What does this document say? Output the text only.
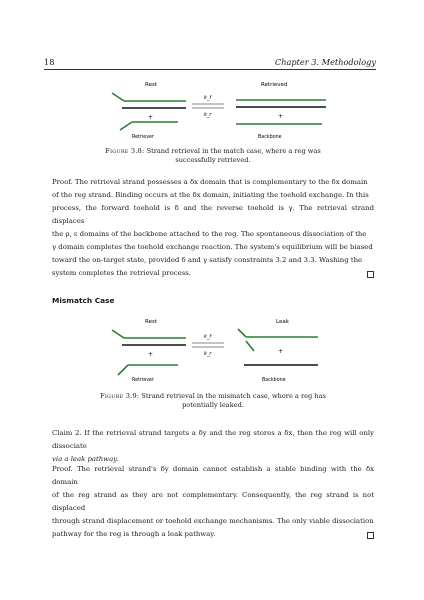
18	Chapter 3. Methodology
Rest	Retrieved
+
Retriever
k_f
k_r	+
Backbone
Figure 3.8: Strand retrieval in the match case, where a reg was successfully retrieved.
Proof. The retrieval strand possesses a δx domain that is complementary to the δx domain
of the reg strand. Binding occurs at the δx domain, initiating the toehold exchange. In this
process, the forward toehold is δ and the reverse toehold is γ. The retrieval strand displaces
the ρ, ε domains of the backbone attached to the reg. The spontaneous dissociation of the
γ domain completes the toehold exchange reaction. The system's equilibrium will be biased
toward the on-target state, provided δ and γ satisfy constraints 3.2 and 3.3. Washing the
system completes the retrieval process.
Mismatch Case
Rest	Leak
+
Retriever
k_f
k_r	+
Backbone
Figure 3.9: Strand retrieval in the mismatch case, where a reg has potentially leaked.
Claim 2. If the retrieval strand targets a δy and the reg stores a δx, then the reg will only dissociate
via a leak pathway.
Proof. The retrieval strand's δy domain cannot establish a stable binding with the δx domain
of the reg strand as they are not complementary. Consequently, the reg strand is not displaced
through strand displacement or toehold exchange mechanisms. The only viable dissociation
pathway for the reg is through a leak pathway.
